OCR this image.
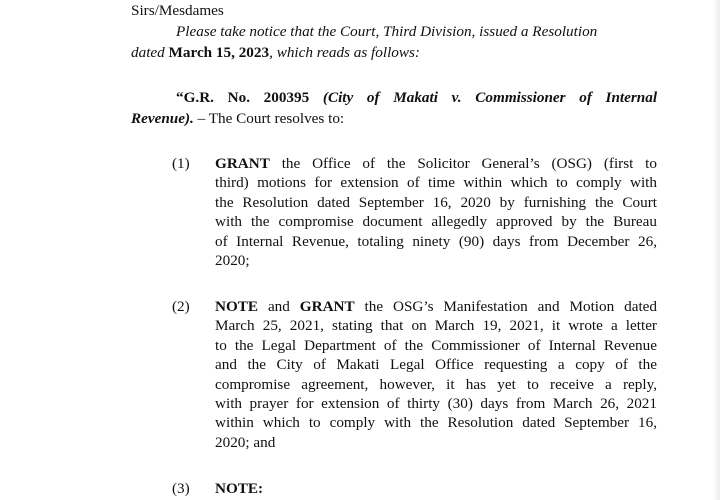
Sirs/Mesdames
Please take notice that the Court, Third Division, issued a Resolution
dated March 15, 2023, which reads as follows:
“G.R. No. 200395 (City of Makati v. Commissioner of Internal
Revenue). – The Court resolves to:
(1) GRANT the Office of the Solicitor General’s (OSG) (first to
third) motions for extension of time within which to comply with
the Resolution dated September 16, 2020 by furnishing the Court
with the compromise document allegedly approved by the Bureau
of Internal Revenue, totaling ninety (90) days from December 26,
2020;
(2) NOTE and GRANT the OSG’s Manifestation and Motion dated
March 25, 2021, stating that on March 19, 2021, it wrote a letter
to the Legal Department of the Commissioner of Internal Revenue
and the City of Makati Legal Office requesting a copy of the
compromise agreement, however, it has yet to receive a reply,
with prayer for extension of thirty (30) days from March 26, 2021
within which to comply with the Resolution dated September 16,
2020; and
(3) NOTE:
